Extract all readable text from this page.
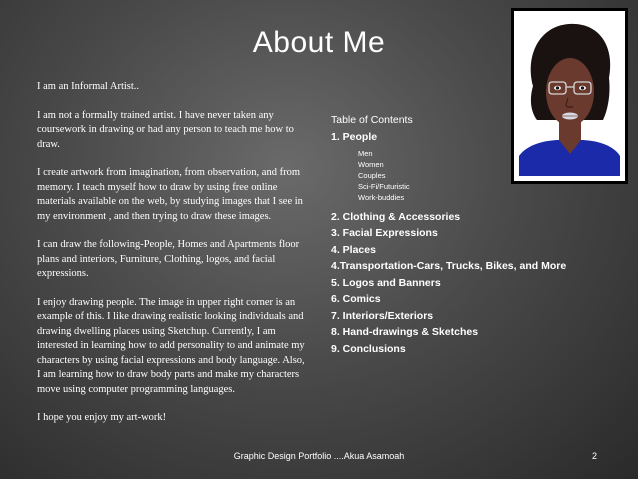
About Me

I am an Informal Artist..

I am not a formally trained artist. I have never taken any coursework in drawing or had any person to teach me how to draw.

I create artwork from imagination, from observation, and from memory. I teach myself how to draw by using free online materials available on the web, by studying images that I see in my environment , and then trying to draw these images.

I can draw the following-People, Homes and Apartments floor plans and interiors, Furniture, Clothing, logos, and facial expressions.

I enjoy drawing people. The image in upper right corner is an example of this. I like drawing realistic looking individuals and drawing dwelling places using Sketchup. Currently, I am interested in learning how to add personality to and animate my characters by using facial expressions and body language. Also, I am learning how to draw body parts and make my characters move using computer programming languages.

I hope you enjoy my art-work!

Table of Contents
1. People
Men
Women
Couples
Sci-Fi/Futuristic
Work-buddies
2. Clothing & Accessories
3. Facial Expressions
4. Places
4.Transportation-Cars, Trucks, Bikes, and More
5. Logos and Banners
6. Comics
7. Interiors/Exteriors
8. Hand-drawings & Sketches
9. Conclusions
Graphic Design Portfolio ....Akua Asamoah	2
